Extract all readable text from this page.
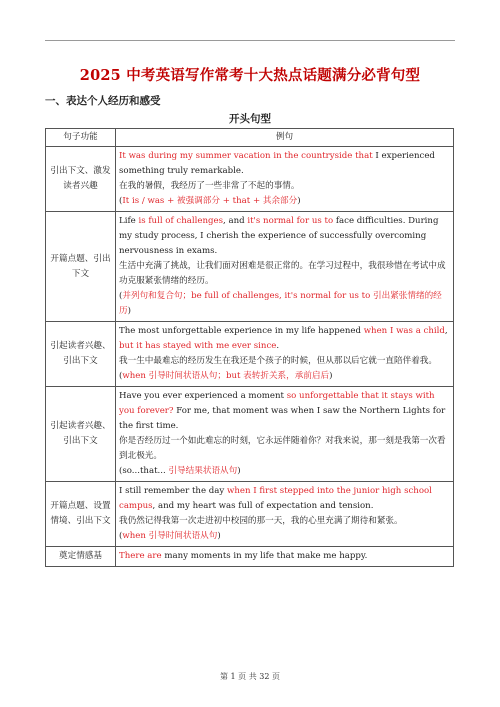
2025 中考英语写作常考十大热点话题满分必背句型
一、表达个人经历和感受
开头句型
句子功能	例句
引出下文、激发读者兴趣	It was during my summer vacation in the countryside that I experienced something truly remarkable.
在我的暑假，我经历了一些非常了不起的事情。
(It is / was + 被强调部分 + that + 其余部分)

开篇点题、引出下文	Life is full of challenges, and it's normal for us to face difficulties. During my study process, I cherish the experience of successfully overcoming nervousness in exams.
生活中充满了挑战，让我们面对困难是很正常的。在学习过程中，我很珍惜在考试中成功克服紧张情绪的经历。
(并列句和复合句；be full of challenges, it's normal for us to 引出紧张情绪的经历)

引起读者兴趣、引出下文	The most unforgettable experience in my life happened when I was a child, but it has stayed with me ever since.
我一生中最难忘的经历发生在我还是个孩子的时候，但从那以后它就一直陪伴着我。
(when 引导时间状语从句；but 表转折关系，承前启后)

引起读者兴趣、引出下文	Have you ever experienced a moment so unforgettable that it stays with you forever? For me, that moment was when I saw the Northern Lights for the first time.
你是否经历过一个如此难忘的时刻，它永远伴随着你？对我来说，那一刻是我第一次看到北极光。
(so...that... 引导结果状语从句)

开篇点题、设置情境、引出下文	I still remember the day when I first stepped into the junior high school campus, and my heart was full of expectation and tension.
我仍然记得我第一次走进初中校园的那一天，我的心里充满了期待和紧张。
(when 引导时间状语从句)

奠定情感基	There are many moments in my life that make me happy.
第 1 页 共 32 页
